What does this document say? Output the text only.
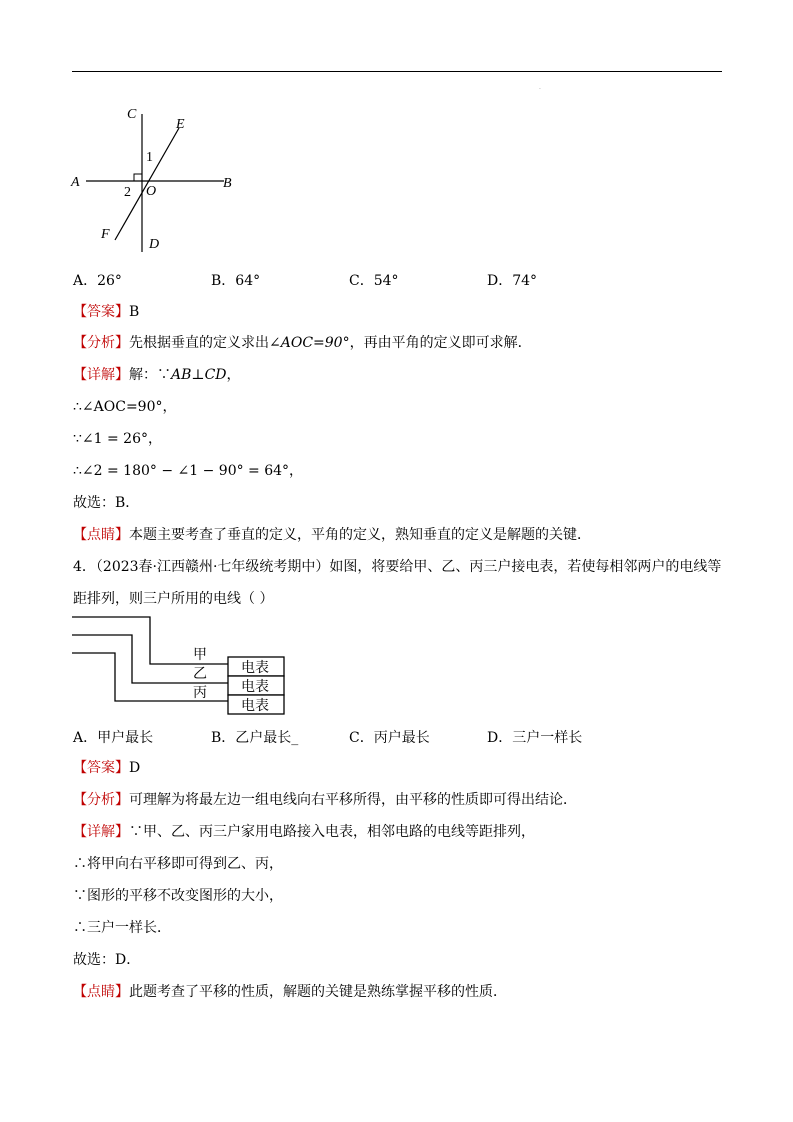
.
C
E
A	B
O
F
D
1
2
A．26°	B．64°	C．54°	D．74°
【答案】B
【分析】先根据垂直的定义求出∠AOC=90°，再由平角的定义即可求解．
【详解】解：∵AB⊥CD，
∴∠AOC=90°，
∵∠1 = 26°，
∴∠2 = 180° − ∠1 − 90° = 64°，
故选：B．
【点睛】本题主要考查了垂直的定义，平角的定义，熟知垂直的定义是解题的关键．
4．（2023春·江西赣州·七年级统考期中）如图，将要给甲、乙、丙三户接电表，若使每相邻两户的电线等
距排列，则三户所用的电线（ ）
甲
乙
丙
电表
电表
电表
A．甲户最长	B．乙户最长_	C．丙户最长	D．三户一样长
【答案】D
【分析】可理解为将最左边一组电线向右平移所得，由平移的性质即可得出结论．
【详解】∵甲、乙、丙三户家用电路接入电表，相邻电路的电线等距排列，
∴将甲向右平移即可得到乙、丙，
∵图形的平移不改变图形的大小，
∴三户一样长．
故选：D．
【点睛】此题考查了平移的性质，解题的关键是熟练掌握平移的性质．
